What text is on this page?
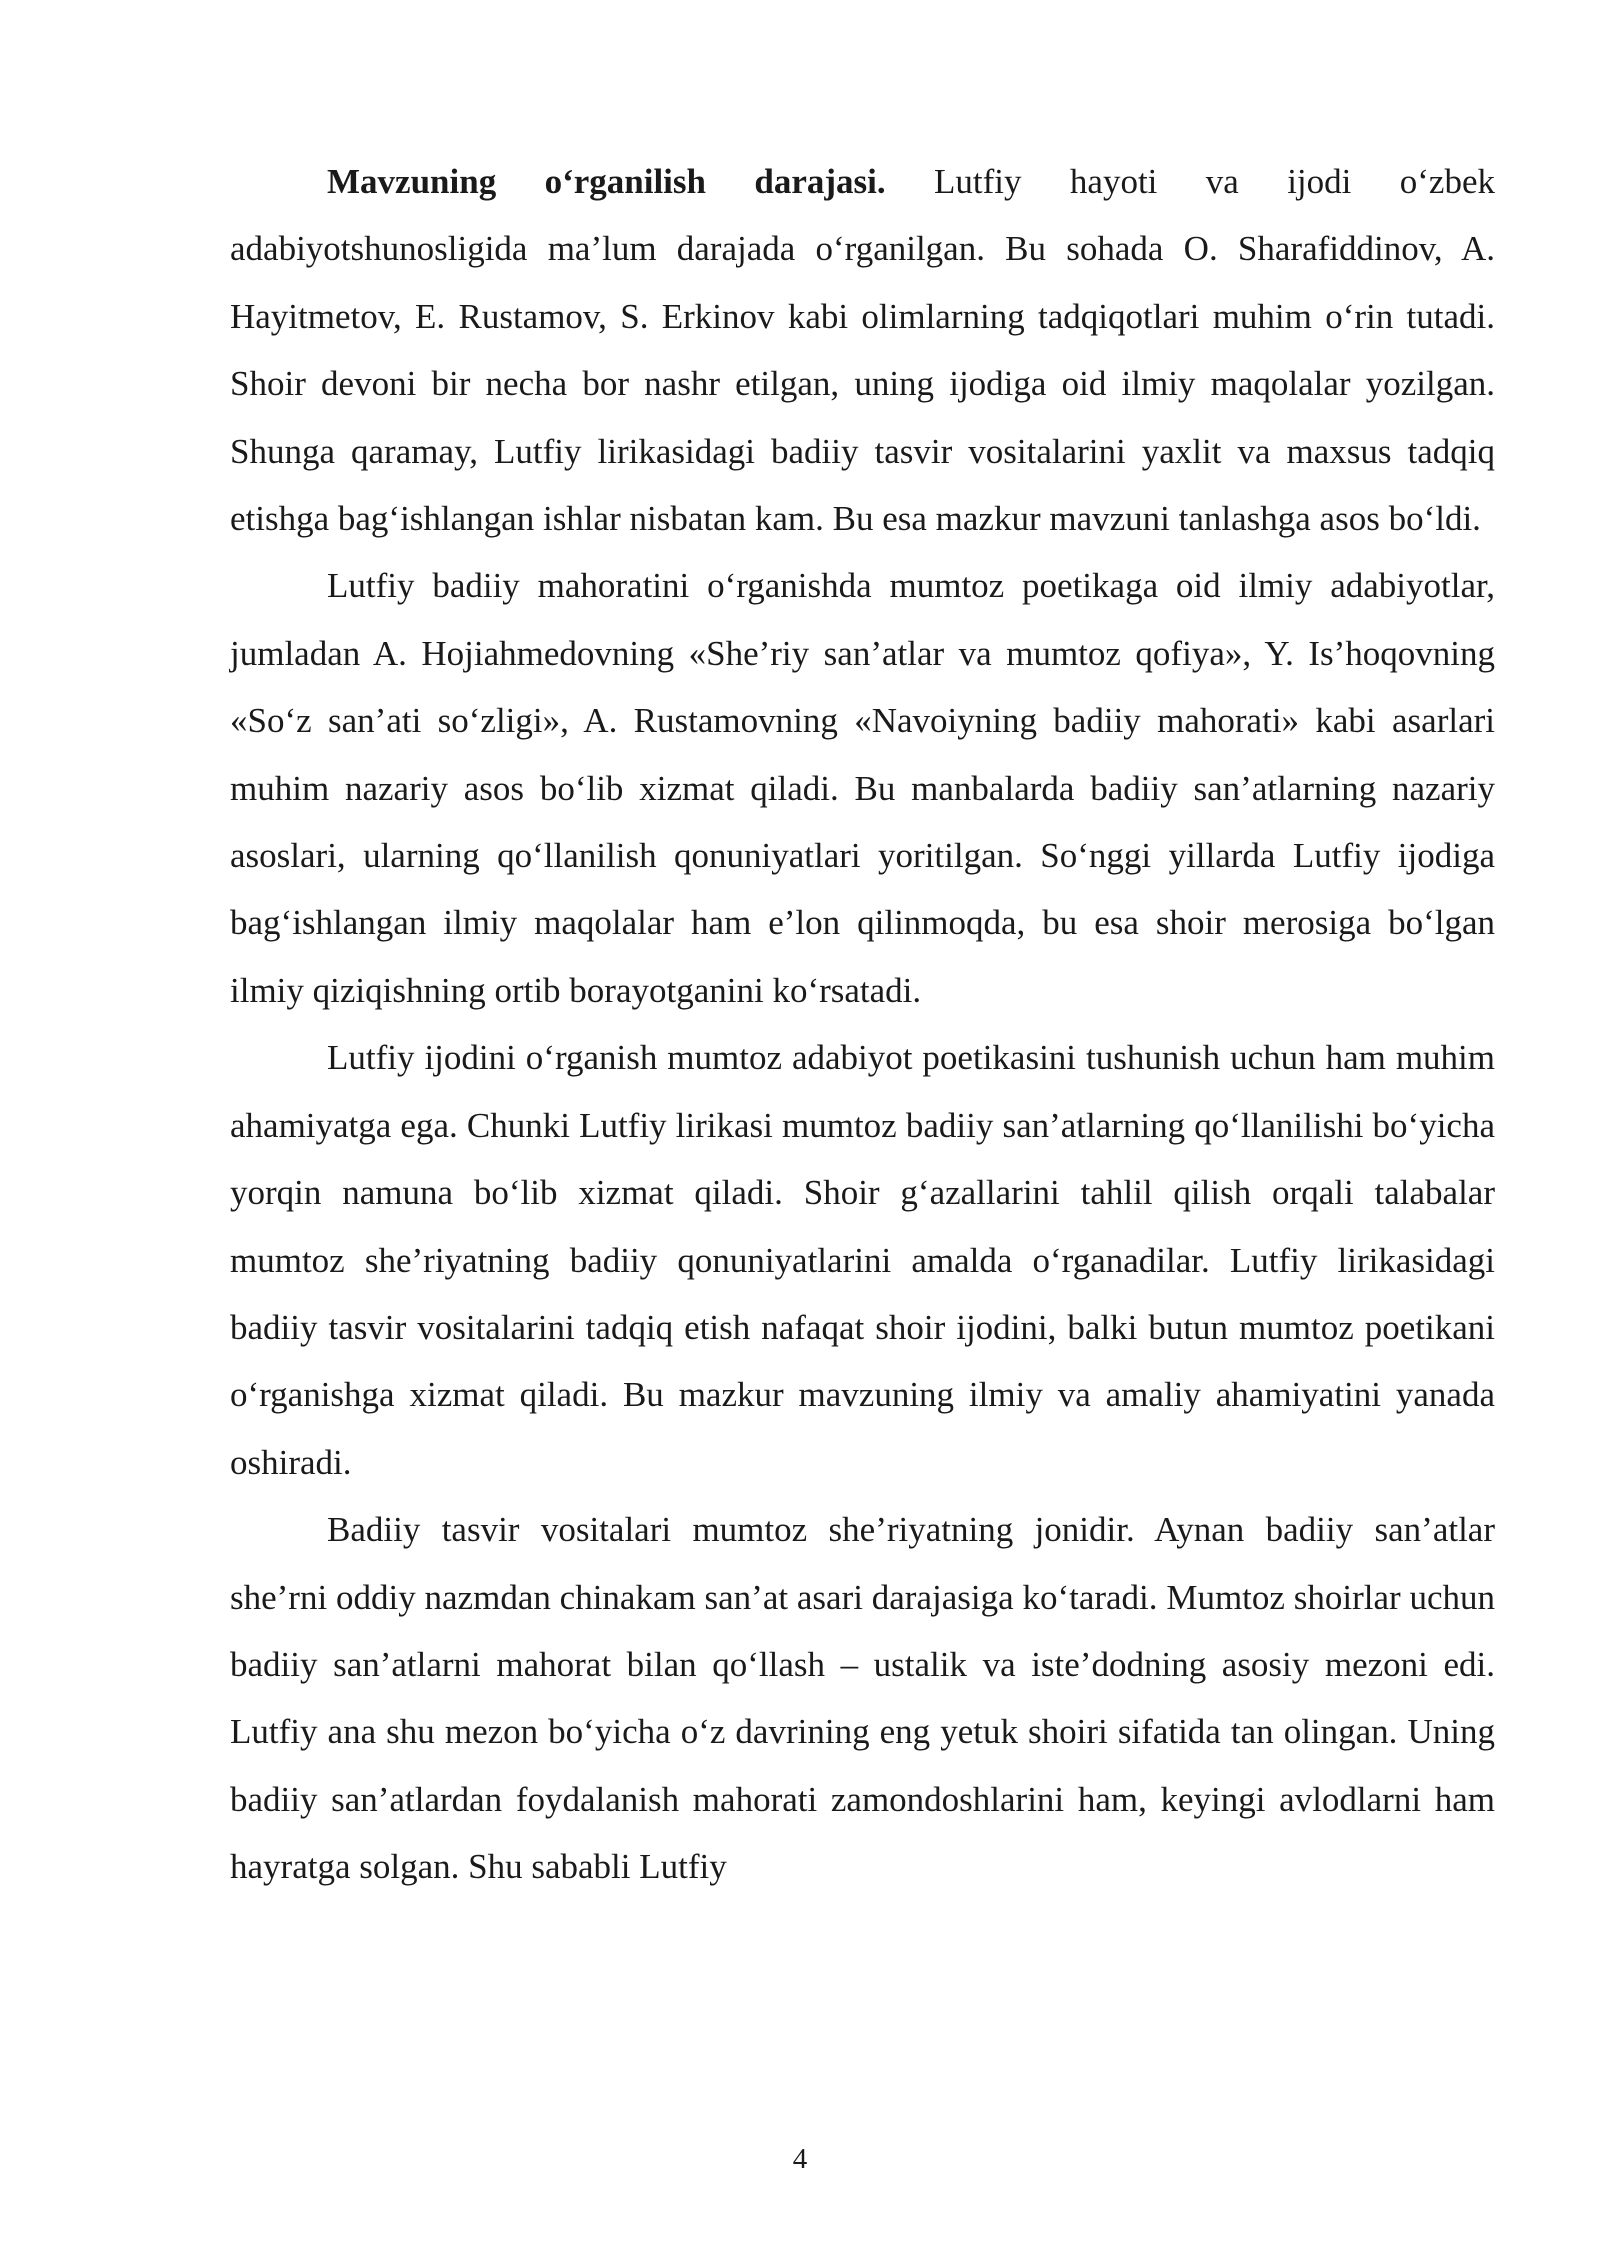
Mavzuning o‘rganilish darajasi. Lutfiy hayoti va ijodi o‘zbek adabiyotshunosligida ma’lum darajada o‘rganilgan. Bu sohada O. Sharafiddinov, A. Hayitmetov, E. Rustamov, S. Erkinov kabi olimlarning tadqiqotlari muhim o‘rin tutadi. Shoir devoni bir necha bor nashr etilgan, uning ijodiga oid ilmiy maqolalar yozilgan. Shunga qaramay, Lutfiy lirikasidagi badiiy tasvir vositalarini yaxlit va maxsus tadqiq etishga bag‘ishlangan ishlar nisbatan kam. Bu esa mazkur mavzuni tanlashga asos bo‘ldi.

Lutfiy badiiy mahoratini o‘rganishda mumtoz poetikaga oid ilmiy adabiyotlar, jumladan A. Hojiahmedovning «She’riy san’atlar va mumtoz qofiya», Y. Is’hoqovning «So‘z san’ati so‘zligi», A. Rustamovning «Navoiyning badiiy mahorati» kabi asarlari muhim nazariy asos bo‘lib xizmat qiladi. Bu manbalarda badiiy san’atlarning nazariy asoslari, ularning qo‘llanilish qonuniyatlari yoritilgan. So‘nggi yillarda Lutfiy ijodiga bag‘ishlangan ilmiy maqolalar ham e’lon qilinmoqda, bu esa shoir merosiga bo‘lgan ilmiy qiziqishning ortib borayotganini ko‘rsatadi.

Lutfiy ijodini o‘rganish mumtoz adabiyot poetikasini tushunish uchun ham muhim ahamiyatga ega. Chunki Lutfiy lirikasi mumtoz badiiy san’atlarning qo‘llanilishi bo‘yicha yorqin namuna bo‘lib xizmat qiladi. Shoir g‘azallarini tahlil qilish orqali talabalar mumtoz she’riyatning badiiy qonuniyatlarini amalda o‘rganadilar. Lutfiy lirikasidagi badiiy tasvir vositalarini tadqiq etish nafaqat shoir ijodini, balki butun mumtoz poetikani o‘rganishga xizmat qiladi. Bu mazkur mavzuning ilmiy va amaliy ahamiyatini yanada oshiradi.

Badiiy tasvir vositalari mumtoz she’riyatning jonidir. Aynan badiiy san’atlar she’rni oddiy nazmdan chinakam san’at asari darajasiga ko‘taradi. Mumtoz shoirlar uchun badiiy san’atlarni mahorat bilan qo‘llash – ustalik va iste’dodning asosiy mezoni edi. Lutfiy ana shu mezon bo‘yicha o‘z davrining eng yetuk shoiri sifatida tan olingan. Uning badiiy san’atlardan foydalanish mahorati zamondoshlarini ham, keyingi avlodlarni ham hayratga solgan. Shu sababli Lutfiy

4
